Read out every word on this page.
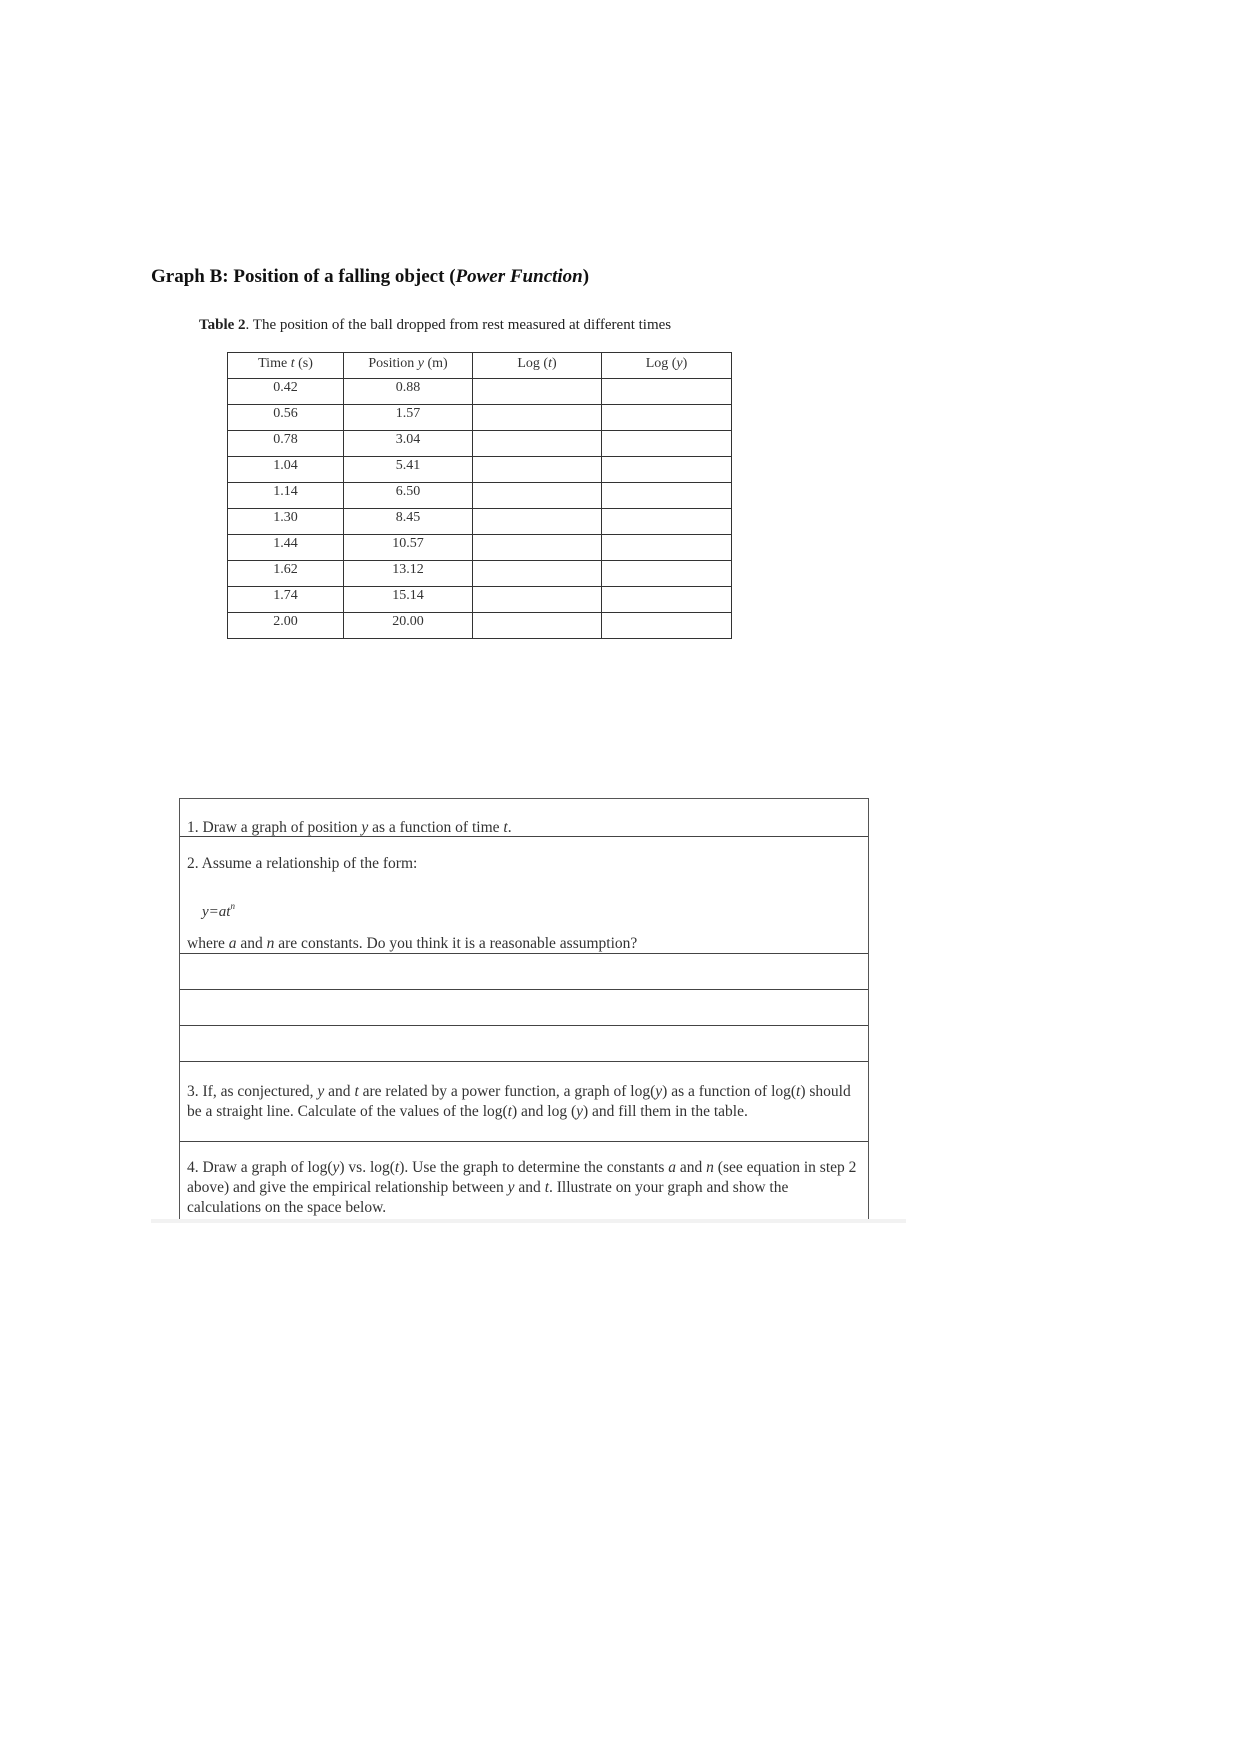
Graph B: Position of a falling object (Power Function)
Table 2. The position of the ball dropped from rest measured at different times
Time t (s)	Position y (m)	Log (t)	Log (y)
0.42	0.88		
0.56	1.57		
0.78	3.04		
1.04	5.41		
1.14	6.50		
1.30	8.45		
1.44	10.57		
1.62	13.12		
1.74	15.14		
2.00	20.00		
1. Draw a graph of position y as a function of time t.
2. Assume a relationship of the form:
$y=at^n$
where a and n are constants. Do you think it is a reasonable assumption?
3. If, as conjectured, y and t are related by a power function, a graph of log(y) as a function of log(t) should be a straight line. Calculate of the values of the log(t) and log (y) and fill them in the table.
4. Draw a graph of log(y) vs. log(t). Use the graph to determine the constants a and n (see equation in step 2 above) and give the empirical relationship between y and t. Illustrate on your graph and show the calculations on the space below.
